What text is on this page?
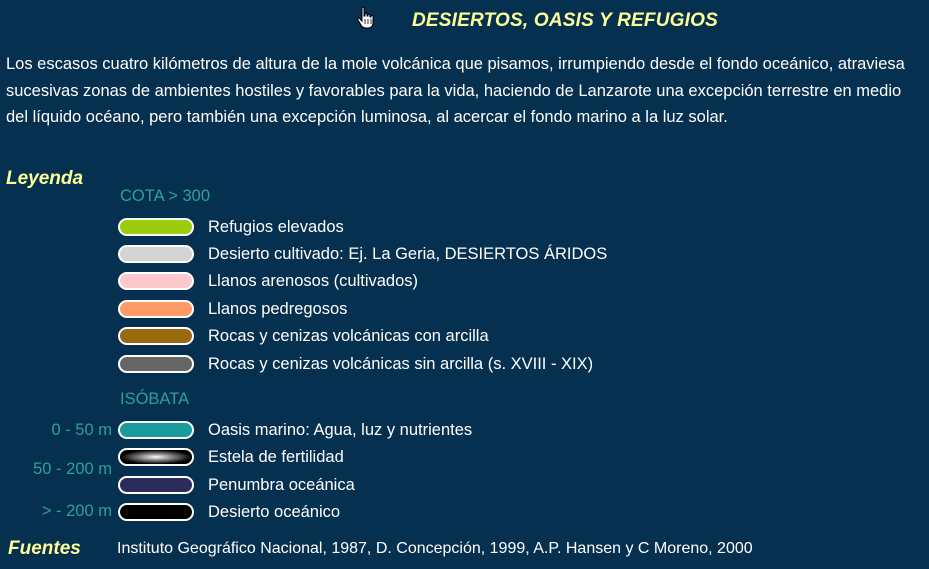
DESIERTOS, OASIS Y REFUGIOS
Los escasos cuatro kilómetros de altura de la mole volcánica que pisamos, irrumpiendo desde el fondo oceánico, atraviesa sucesivas zonas de ambientes hostiles y favorables para la vida, haciendo de Lanzarote una excepción terrestre en medio del líquido océano, pero también una excepción luminosa, al acercar el fondo marino a la luz solar.
Leyenda
COTA > 300
Refugios elevados
Desierto cultivado: Ej. La Geria, DESIERTOS ÁRIDOS
Llanos arenosos (cultivados)
Llanos pedregosos
Rocas y cenizas volcánicas con arcilla
Rocas y cenizas volcánicas sin arcilla (s. XVIII - XIX)
ISÓBATA
0 - 50 m
50 - 200 m
> - 200 m
Oasis marino: Agua, luz y nutrientes
Estela de fertilidad
Penumbra oceánica
Desierto oceánico
Fuentes Instituto Geográfico Nacional, 1987, D. Concepción, 1999, A.P. Hansen y C Moreno, 2000
